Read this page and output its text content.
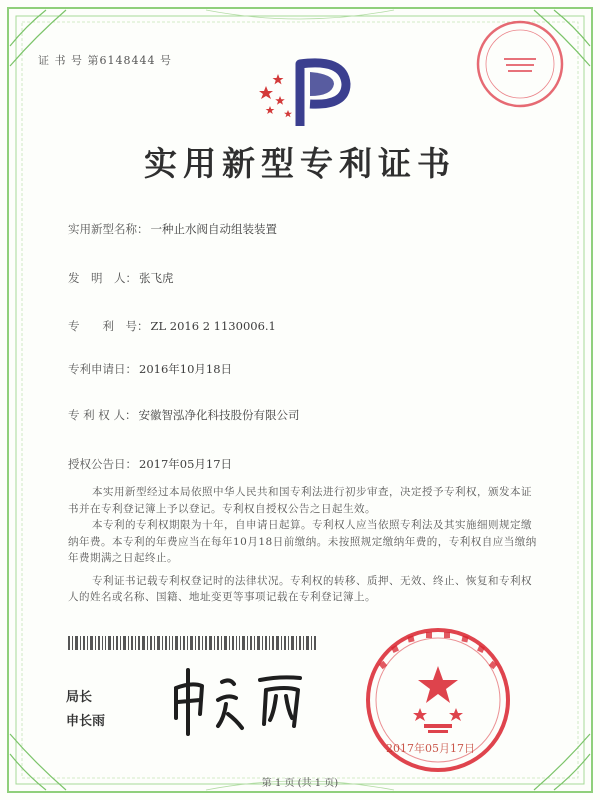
证 书 号 第6148444 号
实用新型专利证书
实用新型名称： 一种止水阀自动组装装置
发　明　人： 张飞虎
专　　利　号： ZL 2016 2 1130006.1
专利申请日： 2016年10月18日
专 利 权 人： 安徽智泓净化科技股份有限公司
授权公告日： 2017年05月17日

本实用新型经过本局依照中华人民共和国专利法进行初步审查，决定授予专利权，颁发本证书并在专利登记簿上予以登记。专利权自授权公告之日起生效。

本专利的专利权期限为十年，自申请日起算。专利权人应当依照专利法及其实施细则规定缴纳年费。本专利的年费应当在每年10月18日前缴纳。未按照规定缴纳年费的，专利权自应当缴纳年费期满之日起终止。

专利证书记载专利权登记时的法律状况。专利权的转移、质押、无效、终止、恢复和专利权人的姓名或名称、国籍、地址变更等事项记载在专利登记簿上。

局长
申长雨
2017年05月17日
第 1 页 (共 1 页)
